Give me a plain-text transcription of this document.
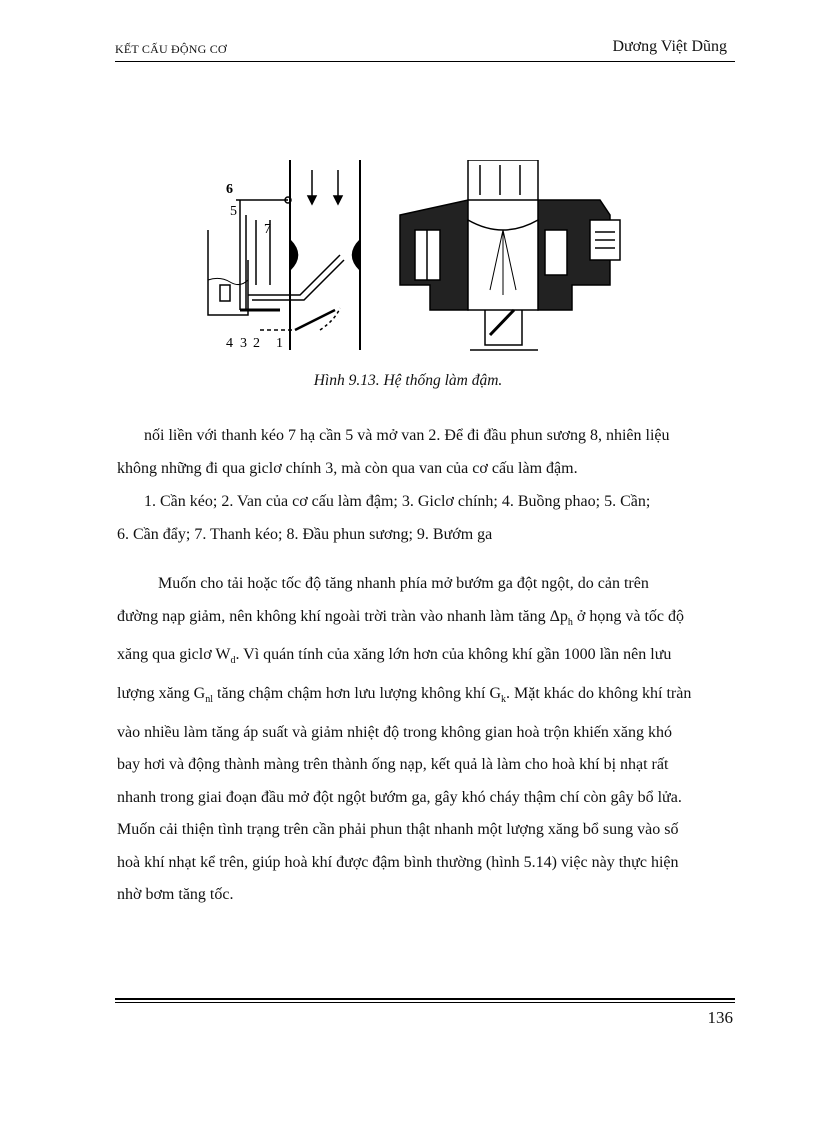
KẾT CẤU ĐỘNG CƠ	Dương Việt Dũng
6
5
7
4 3 2 1
Hình 9.13. Hệ thống làm đậm.

nối liền với thanh kéo 7 hạ cần 5 và mở van 2. Để đi đầu phun sương 8, nhiên liệu

không những đi qua giclơ chính 3, mà còn qua van của cơ cấu làm đậm.

1. Cần kéo; 2. Van của cơ cấu làm đậm; 3. Giclơ chính; 4. Buồng phao; 5. Cần;

6. Cần đẩy; 7. Thanh kéo; 8. Đầu phun sương; 9. Bướm ga

Muốn cho tải hoặc tốc độ tăng nhanh phía mở bướm ga đột ngột, do cản trên

đường nạp giảm, nên không khí ngoài trời tràn vào nhanh làm tăng $\Delta p_h$ ở họng và tốc độ

xăng qua giclơ $W_d$. Vì quán tính của xăng lớn hơn của không khí gần 1000 lần nên lưu

lượng xăng $G_{nl}$ tăng chậm chậm hơn lưu lượng không khí $G_k$. Mặt khác do không khí tràn

vào nhiều làm tăng áp suất và giảm nhiệt độ trong không gian hoà trộn khiến xăng khó

bay hơi và động thành màng trên thành ống nạp, kết quả là làm cho hoà khí bị nhạt rất

nhanh trong giai đoạn đầu mở đột ngột bướm ga, gây khó cháy thậm chí còn gây bổ lửa.

Muốn cải thiện tình trạng trên cần phải phun thật nhanh một lượng xăng bổ sung vào số

hoà khí nhạt kể trên, giúp hoà khí được đậm bình thường (hình 5.14) việc này thực hiện

nhờ bơm tăng tốc.

136
